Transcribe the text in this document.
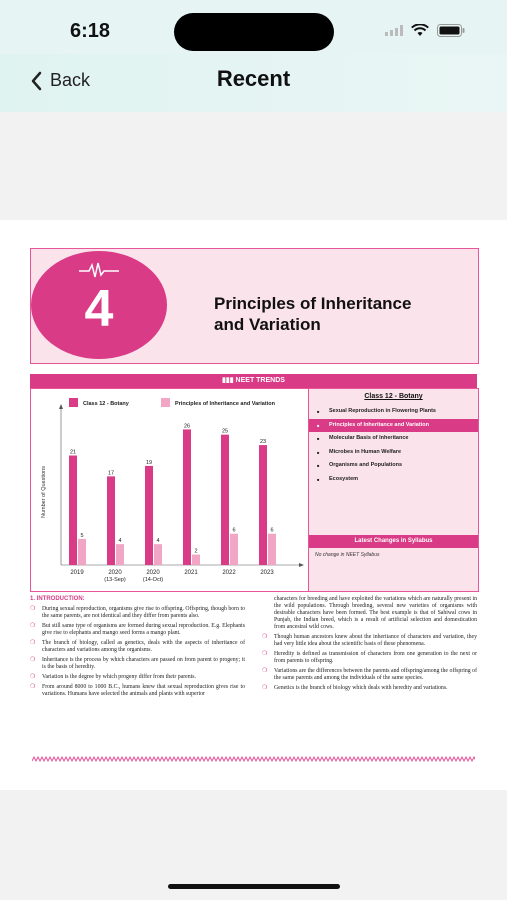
6:18
Back	Recent
4	Principles of Inheritance
and Variation
▮▮▮ NEET TRENDS
Number of Questions
Class 12 - Botany	Principles of Inheritance and Variation
21
5
2019
17
4
2020
(13-Sep)
19
4
2020
(14-Oct)
26
2
2021
25
6
2022
23
6
2023
Class 12 - Botany
■ Sexual Reproduction in Flowering Plants
■ Principles of Inheritance and Variation
■ Molecular Basis of Inheritance
■ Microbes in Human Welfare
■ Organisms and Populations
■ Ecosystem
Latest Changes in Syllabus
No change in NEET Syllabus
1. INTRODUCTION:
❍ During sexual reproduction, organisms give rise to offspring. Offspring, though born to the same parents, are not identical and they differ from parents also.
❍ But still same type of organisms are formed during sexual reproduction. E.g. Elephants give rise to elephants and mango seed forms a mango plant.
❍ The branch of biology, called as genetics, deals with the aspects of inheritance of characters and variations among the organisms.
❍ Inheritance is the process by which characters are passed on from parent to progeny; it is the basis of heredity.
❍ Variation is the degree by which progeny differ from their parents.
❍ From around 8000 to 1000 B.C., humans knew that sexual reproduction gives rise to variations. Humans have selected the animals and plants with superior
characters for breeding and have exploited the variations which are naturally present in the wild populations. Through breeding, several new varieties of organisms with desirable characters have been formed. The best example is that of Sahiwal cows in Punjab, the Indian breed, which is a result of artificial selection and domestication from ancestral wild cows.
❍ Though human ancestors knew about the inheritance of characters and variation, they had very little idea about the scientific basis of these phenomena.
❍ Heredity is defined as transmission of characters from one generation to the next or from parents to offspring.
❍ Variations are the differences between the parents and offspring/among the offspring of the same parents and among the individuals of the same species.
❍ Genetics is the branch of biology which deals with heredity and variations.
